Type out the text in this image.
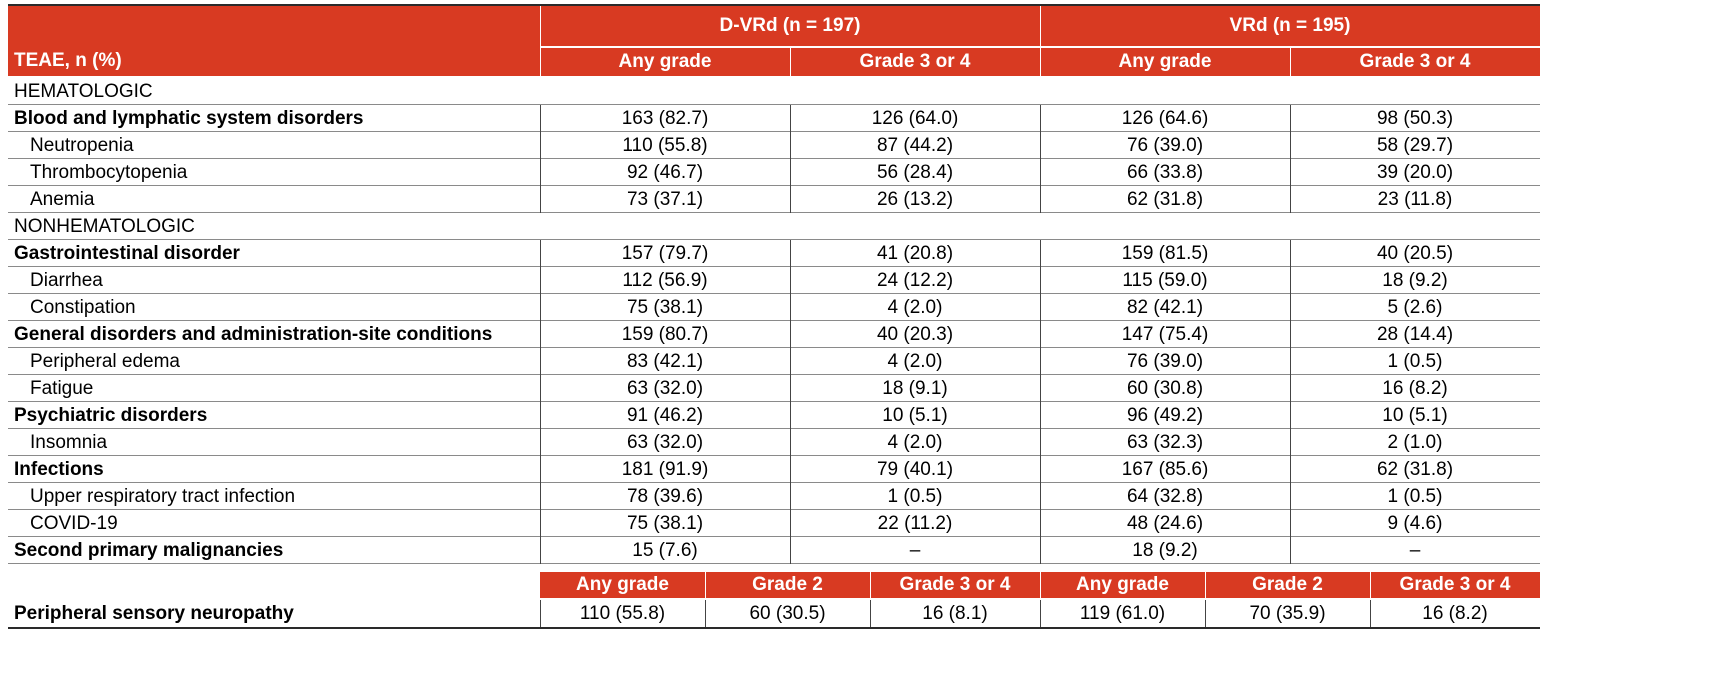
TEAE, n (%)
D-VRd (n = 197)	VRd (n = 195)
Any grade	Grade 3 or 4	Any grade	Grade 3 or 4
HEMATOLOGIC
Blood and lymphatic system disorders	163 (82.7)	126 (64.0)	126 (64.6)	98 (50.3)
Neutropenia	110 (55.8)	87 (44.2)	76 (39.0)	58 (29.7)
Thrombocytopenia	92 (46.7)	56 (28.4)	66 (33.8)	39 (20.0)
Anemia	73 (37.1)	26 (13.2)	62 (31.8)	23 (11.8)
NONHEMATOLOGIC
Gastrointestinal disorder	157 (79.7)	41 (20.8)	159 (81.5)	40 (20.5)
Diarrhea	112 (56.9)	24 (12.2)	115 (59.0)	18 (9.2)
Constipation	75 (38.1)	4 (2.0)	82 (42.1)	5 (2.6)
General disorders and administration-site conditions	159 (80.7)	40 (20.3)	147 (75.4)	28 (14.4)
Peripheral edema	83 (42.1)	4 (2.0)	76 (39.0)	1 (0.5)
Fatigue	63 (32.0)	18 (9.1)	60 (30.8)	16 (8.2)
Psychiatric disorders	91 (46.2)	10 (5.1)	96 (49.2)	10 (5.1)
Insomnia	63 (32.0)	4 (2.0)	63 (32.3)	2 (1.0)
Infections	181 (91.9)	79 (40.1)	167 (85.6)	62 (31.8)
Upper respiratory tract infection	78 (39.6)	1 (0.5)	64 (32.8)	1 (0.5)
COVID-19	75 (38.1)	22 (11.2)	48 (24.6)	9 (4.6)
Second primary malignancies	15 (7.6)	–	18 (9.2)	–
Any grade	Grade 2	Grade 3 or 4	Any grade	Grade 2	Grade 3 or 4
Peripheral sensory neuropathy	110 (55.8)	60 (30.5)	16 (8.1)	119 (61.0)	70 (35.9)	16 (8.2)
